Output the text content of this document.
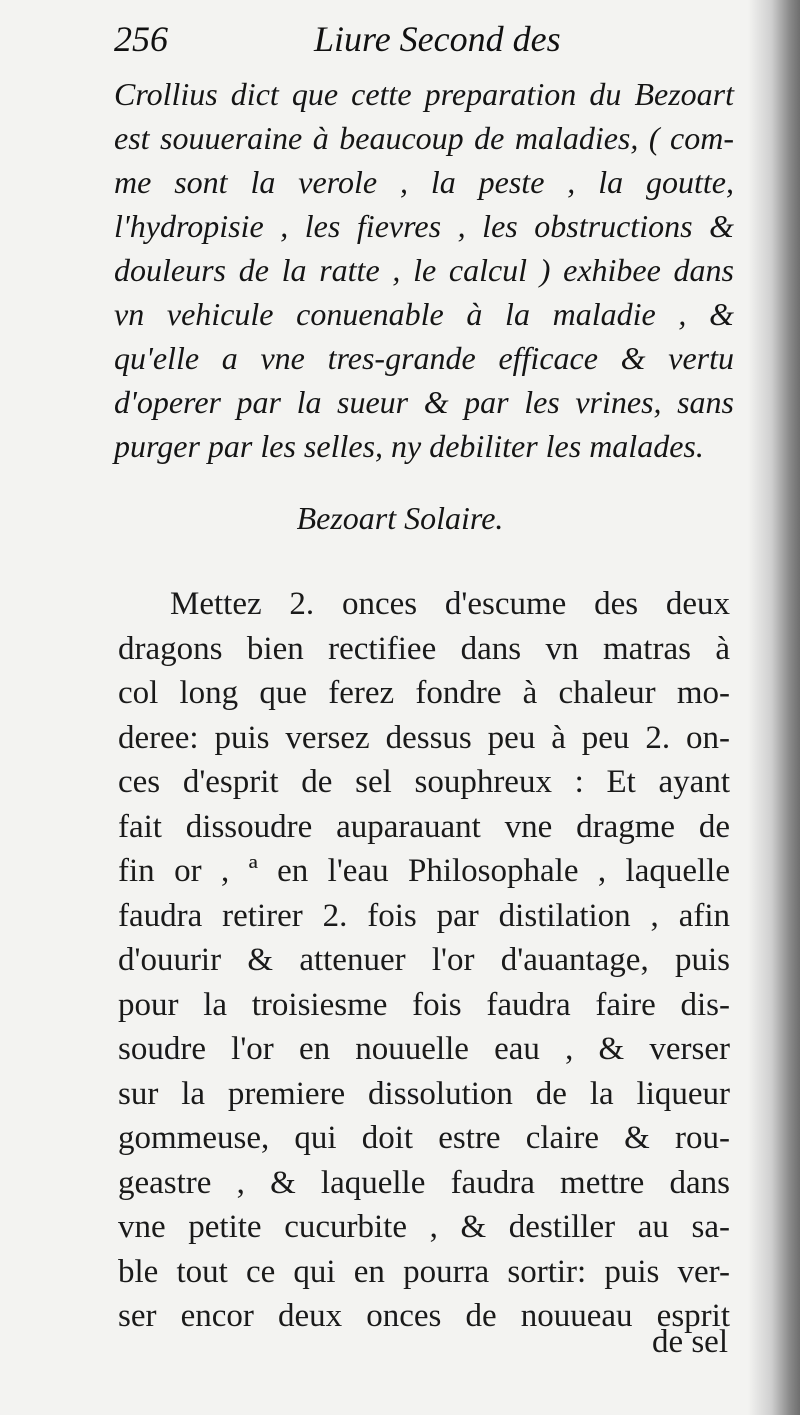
256	Liure Second des
Crollius dict que cette preparation du Bezoart
est souueraine à beaucoup de maladies, ( com-
me sont la verole , la peste , la goutte,
l'hydropisie , les fievres , les obstructions &
douleurs de la ratte , le calcul ) exhibee dans
vn vehicule conuenable à la maladie , &
qu'elle a vne tres-grande efficace & vertu
d'operer par la sueur & par les vrines, sans
purger par les selles, ny debiliter les malades.
Bezoart Solaire.
Mettez 2. onces d'escume des deux
dragons bien rectifiee dans vn matras à
col long que ferez fondre à chaleur mo-
deree: puis versez dessus peu à peu 2. on-
ces d'esprit de sel souphreux : Et ayant
fait dissoudre auparauant vne dragme de
fin or , ª en l'eau Philosophale , laquelle
faudra retirer 2. fois par distilation , afin
d'ouurir & attenuer l'or d'auantage, puis
pour la troisiesme fois faudra faire dis-
soudre l'or en nouuelle eau , & verser
sur la premiere dissolution de la liqueur
gommeuse, qui doit estre claire & rou-
geastre , & laquelle faudra mettre dans
vne petite cucurbite , & destiller au sa-
ble tout ce qui en pourra sortir: puis ver-
ser encor deux onces de nouueau esprit
de sel
